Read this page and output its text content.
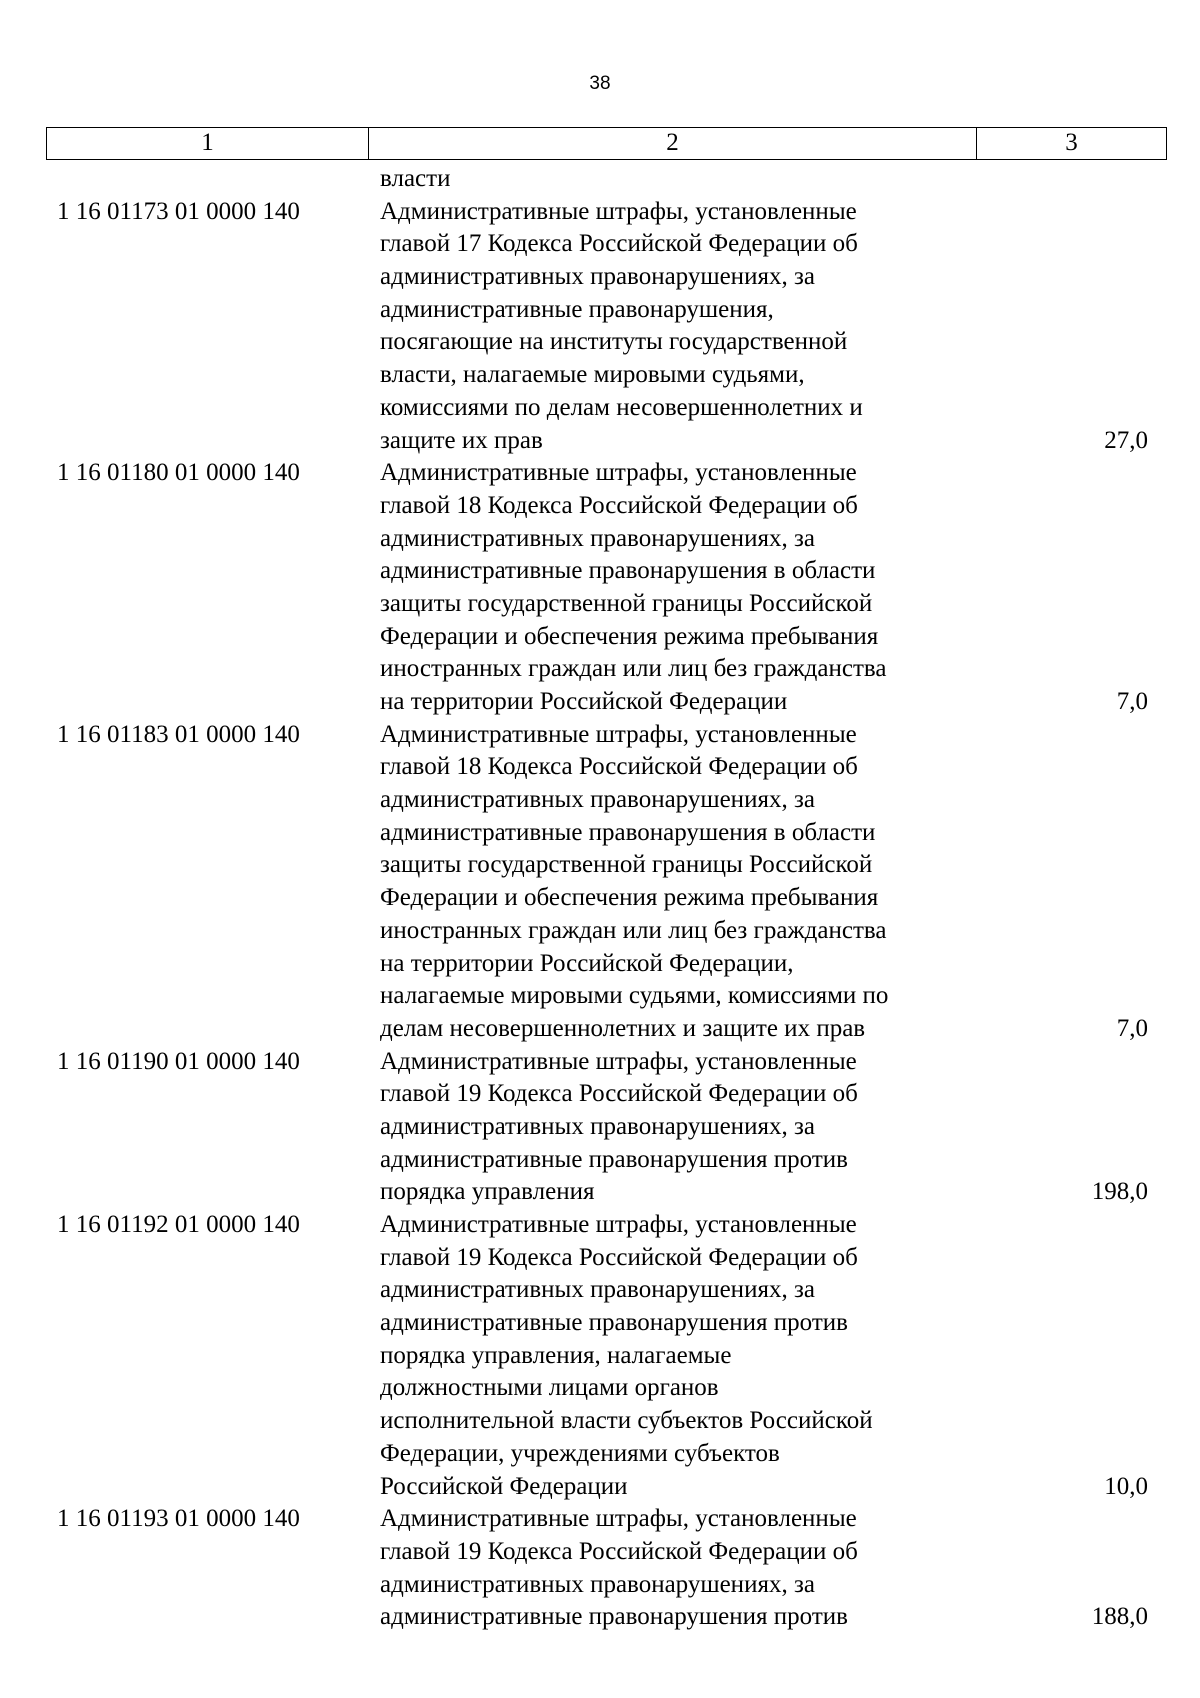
38
1	2	3
власти
1 16 01173 01 0000 140	Административные штрафы, установленные
главой 17 Кодекса Российской Федерации об
административных правонарушениях, за
административные правонарушения,
посягающие на институты государственной
власти, налагаемые мировыми судьями,
комиссиями по делам несовершеннолетних и
защите их прав	27,0
1 16 01180 01 0000 140	Административные штрафы, установленные
главой 18 Кодекса Российской Федерации об
административных правонарушениях, за
административные правонарушения в области
защиты государственной границы Российской
Федерации и обеспечения режима пребывания
иностранных граждан или лиц без гражданства
на территории Российской Федерации	7,0
1 16 01183 01 0000 140	Административные штрафы, установленные
главой 18 Кодекса Российской Федерации об
административных правонарушениях, за
административные правонарушения в области
защиты государственной границы Российской
Федерации и обеспечения режима пребывания
иностранных граждан или лиц без гражданства
на территории Российской Федерации,
налагаемые мировыми судьями, комиссиями по
делам несовершеннолетних и защите их прав	7,0
1 16 01190 01 0000 140	Административные штрафы, установленные
главой 19 Кодекса Российской Федерации об
административных правонарушениях, за
административные правонарушения против
порядка управления	198,0
1 16 01192 01 0000 140	Административные штрафы, установленные
главой 19 Кодекса Российской Федерации об
административных правонарушениях, за
административные правонарушения против
порядка управления, налагаемые
должностными лицами органов
исполнительной власти субъектов Российской
Федерации, учреждениями субъектов
Российской Федерации	10,0
1 16 01193 01 0000 140	Административные штрафы, установленные
главой 19 Кодекса Российской Федерации об
административных правонарушениях, за
административные правонарушения против	188,0
